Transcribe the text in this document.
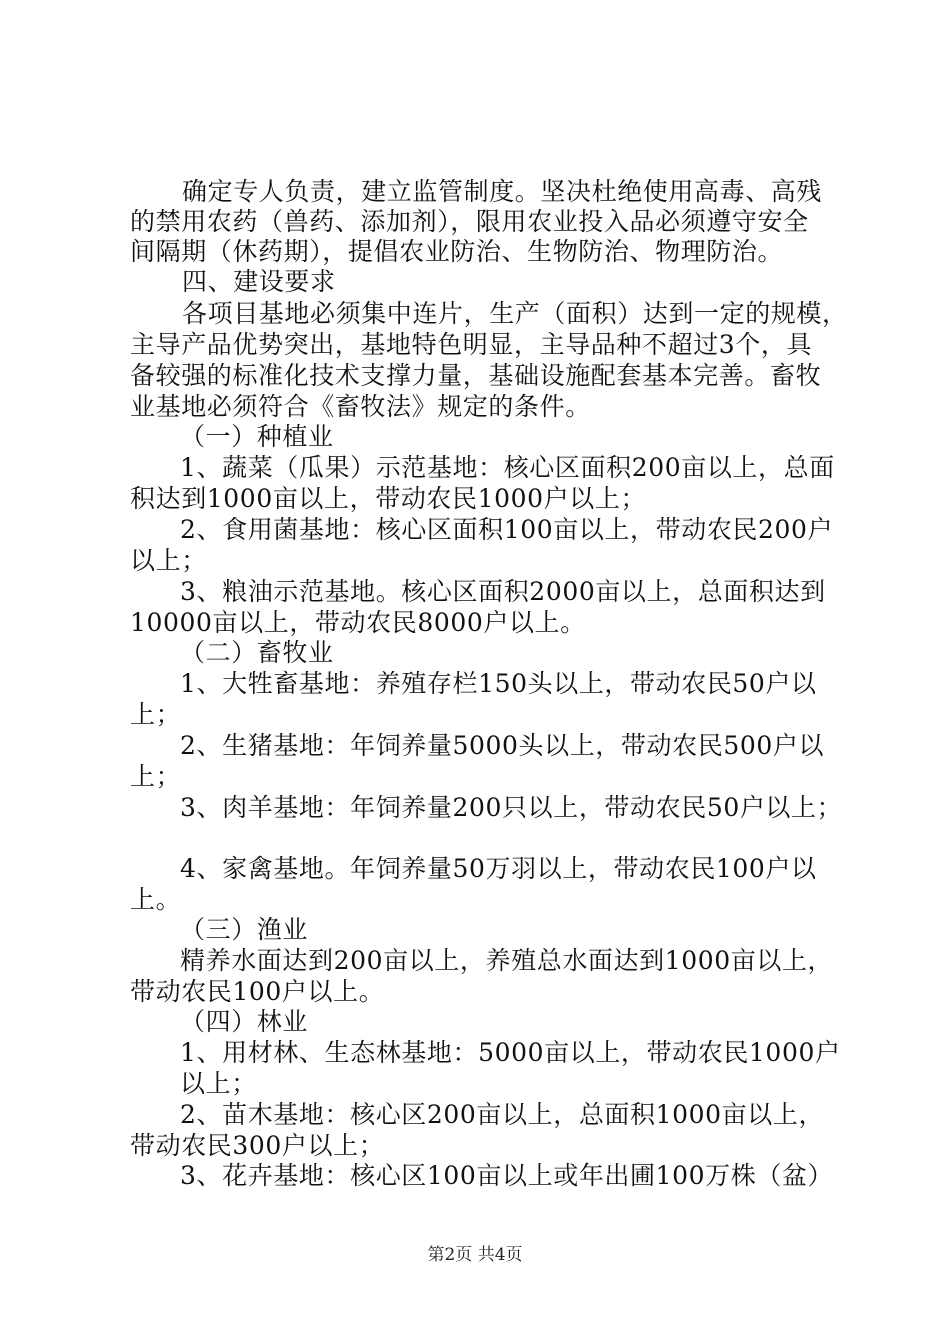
确定专人负责，建立监管制度。坚决杜绝使用高毒、高残
的禁用农药（兽药、添加剂），限用农业投入品必须遵守安全
间隔期（休药期），提倡农业防治、生物防治、物理防治。
四、建设要求
各项目基地必须集中连片，生产（面积）达到一定的规模，
主导产品优势突出，基地特色明显，主导品种不超过3个，具
备较强的标准化技术支撑力量，基础设施配套基本完善。畜牧
业基地必须符合《畜牧法》规定的条件。
（一）种植业
1、蔬菜（瓜果）示范基地：核心区面积200亩以上，总面
积达到1000亩以上，带动农民1000户以上；
2、食用菌基地：核心区面积100亩以上，带动农民200户
以上；
3、粮油示范基地。核心区面积2000亩以上，总面积达到
10000亩以上，带动农民8000户以上。
（二）畜牧业
1、大牲畜基地：养殖存栏150头以上，带动农民50户以
上；
2、生猪基地：年饲养量5000头以上，带动农民500户以
上；
3、肉羊基地：年饲养量200只以上，带动农民50户以上；
4、家禽基地。年饲养量50万羽以上，带动农民100户以
上。
（三）渔业
精养水面达到200亩以上，养殖总水面达到1000亩以上，
带动农民100户以上。
（四）林业
1、用材林、生态林基地：5000亩以上，带动农民1000户
以上；
2、苗木基地：核心区200亩以上，总面积1000亩以上，
带动农民300户以上；
3、花卉基地：核心区100亩以上或年出圃100万株（盆）
第2页 共4页
